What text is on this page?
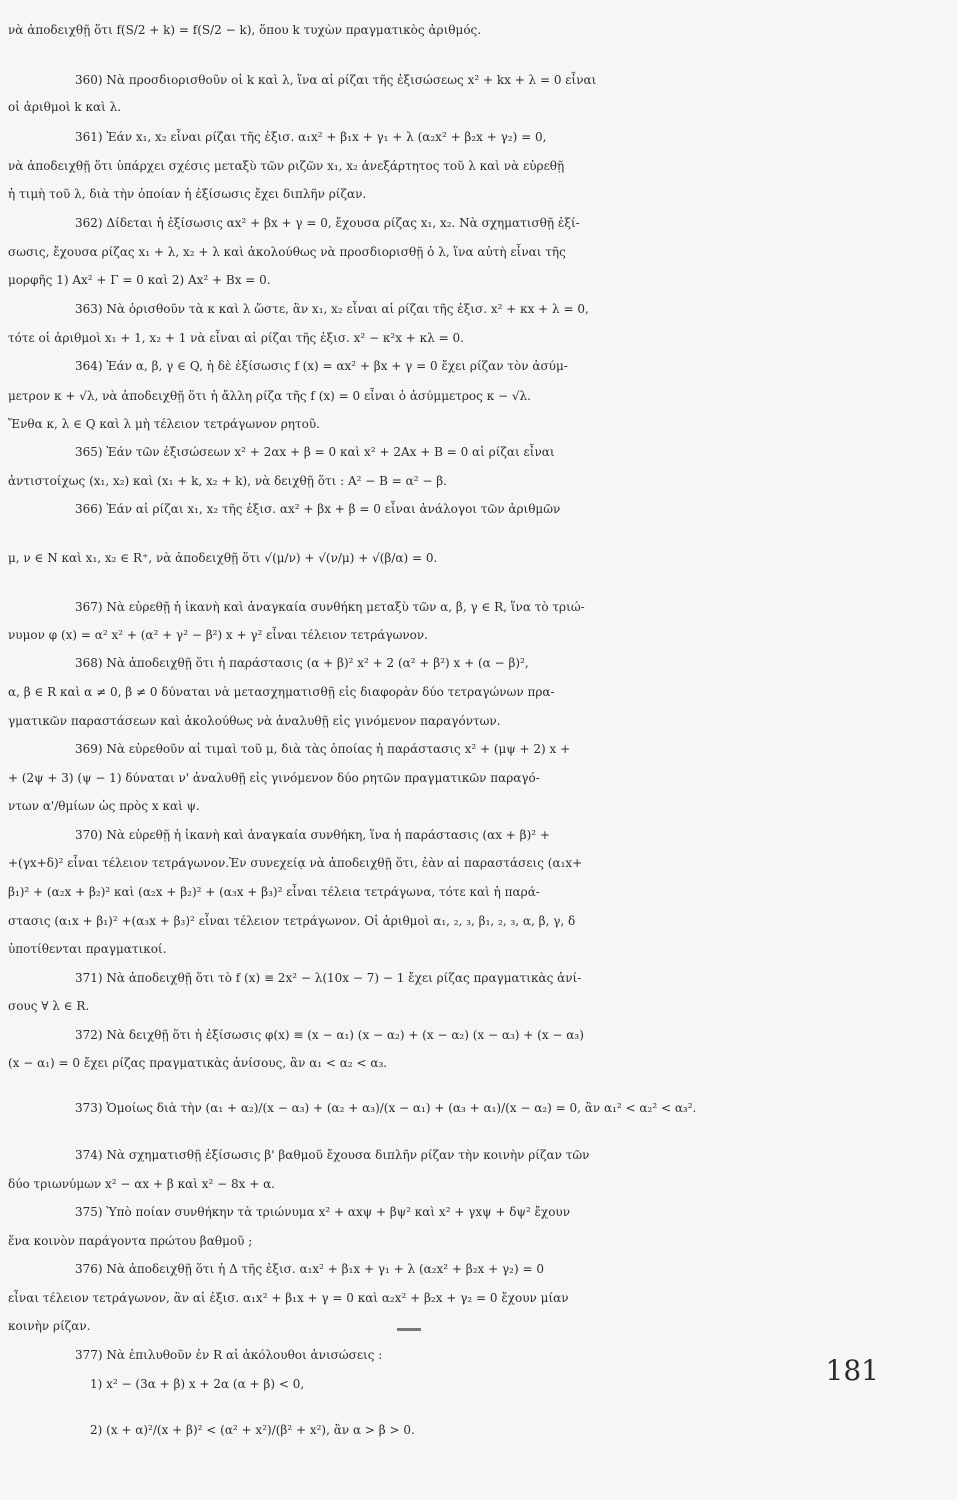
νὰ ἀποδειχθῇ ὅτι f(S/2 + k) = f(S/2 − k), ὅπου k τυχὼν πραγματικὸς ἀριθμός.
360) Νὰ προσδιορισθοῦν οἱ k καὶ λ, ἵνα αἱ ρίζαι τῆς ἐξισώσεως x² + kx + λ = 0 εἶναι
οἱ ἀριθμοὶ k καὶ λ.
361) Ἐάν x₁, x₂ εἶναι ρίζαι τῆς ἐξισ. α₁x² + β₁x + γ₁ + λ (α₂x² + β₂x + γ₂) = 0,
νὰ ἀποδειχθῇ ὅτι ὑπάρχει σχέσις μεταξὺ τῶν ριζῶν x₁, x₂ ἀνεξάρτητος τοῦ λ καὶ νὰ εὑρεθῇ
ἡ τιμὴ τοῦ λ, διὰ τὴν ὁποίαν ἡ ἐξίσωσις ἔχει διπλῆν ρίζαν.
362) Δίδεται ἡ ἐξίσωσις αx² + βx + γ = 0, ἔχουσα ρίζας x₁, x₂. Νὰ σχηματισθῇ ἐξί-
σωσις, ἔχουσα ρίζας x₁ + λ, x₂ + λ καὶ ἀκολούθως νὰ προσδιορισθῇ ὁ λ, ἵνα αὐτὴ εἶναι τῆς
μορφῆς 1) Ax² + Γ = 0 καὶ 2) Ax² + Bx = 0.
363) Νὰ ὁρισθοῦν τὰ κ καὶ λ ὥστε, ἂν x₁, x₂ εἶναι αἱ ρίζαι τῆς ἐξισ. x² + κx + λ = 0,
τότε οἱ ἀριθμοὶ x₁ + 1, x₂ + 1 νὰ εἶναι αἱ ρίζαι τῆς ἐξισ. x² − κ²x + κλ = 0.
364) Ἐάν α, β, γ ∈ Q, ἡ δὲ ἐξίσωσις f (x) = αx² + βx + γ = 0 ἔχει ρίζαν τὸν ἀσύμ-
μετρον κ + √λ, νὰ ἀποδειχθῇ ὅτι ἡ ἄλλη ρίζα τῆς f (x) = 0 εἶναι ὁ ἀσύμμετρος κ − √λ.
Ἔνθα κ, λ ∈ Q καὶ λ μὴ τέλειον τετράγωνον ρητοῦ.
365) Ἐάν τῶν ἐξισώσεων x² + 2αx + β = 0 καὶ x² + 2Ax + B = 0 αἱ ρίζαι εἶναι
ἀντιστοίχως (x₁, x₂) καὶ (x₁ + k, x₂ + k), νὰ δειχθῇ ὅτι : A² − B = α² − β.
366) Ἐάν αἱ ρίζαι x₁, x₂ τῆς ἐξισ. αx² + βx + β = 0 εἶναι ἀνάλογοι τῶν ἀριθμῶν
μ, ν ∈ N καὶ x₁, x₂ ∈ R⁺, νὰ ἀποδειχθῇ ὅτι √(μ/ν) + √(ν/μ) + √(β/α) = 0.
367) Νὰ εὑρεθῇ ἡ ἱκανὴ καὶ ἀναγκαία συνθήκη μεταξὺ τῶν α, β, γ ∈ R, ἵνα τὸ τριώ-
νυμον φ (x) = α² x² + (α² + γ² − β²) x + γ² εἶναι τέλειον τετράγωνον.
368) Νὰ ἀποδειχθῇ ὅτι ἡ παράστασις (α + β)² x² + 2 (α² + β²) x + (α − β)²,
α, β ∈ R καὶ α ≠ 0, β ≠ 0 δύναται νὰ μετασχηματισθῇ εἰς διαφορὰν δύο τετραγώνων πρα-
γματικῶν παραστάσεων καὶ ἀκολούθως νὰ ἀναλυθῇ εἰς γινόμενον παραγόντων.
369) Νὰ εὑρεθοῦν αἱ τιμαὶ τοῦ μ, διὰ τὰς ὁποίας ἡ παράστασις x² + (μψ + 2) x +
+ (2ψ + 3) (ψ − 1) δύναται ν' ἀναλυθῇ εἰς γινόμενον δύο ρητῶν πραγματικῶν παραγό-
ντων α'/θμίων ὡς πρὸς x καὶ ψ.
370) Νὰ εὑρεθῇ ἡ ἱκανὴ καὶ ἀναγκαία συνθήκη, ἵνα ἡ παράστασις (αx + β)² +
+(γx+δ)² εἶναι τέλειον τετράγωνον.Ἐν συνεχείᾳ νὰ ἀποδειχθῇ ὅτι, ἐὰν αἱ παραστάσεις (α₁x+
β₁)² + (α₂x + β₂)² καὶ (α₂x + β₂)² + (α₃x + β₃)² εἶναι τέλεια τετράγωνα, τότε καὶ ἡ παρά-
στασις (α₁x + β₁)² +(α₃x + β₃)² εἶναι τέλειον τετράγωνον. Οἱ ἀριθμοὶ α₁, ₂, ₃, β₁, ₂, ₃, α, β, γ, δ
ὑποτίθενται πραγματικοί.
371) Νὰ ἀποδειχθῇ ὅτι τὸ f (x) ≡ 2x² − λ(10x − 7) − 1 ἔχει ρίζας πραγματικὰς ἀνί-
σους ∀ λ ∈ R.
372) Νὰ δειχθῇ ὅτι ἡ ἐξίσωσις φ(x) ≡ (x − α₁) (x − α₂) + (x − α₂) (x − α₃) + (x − α₃)
(x − α₁) = 0 ἔχει ρίζας πραγματικὰς ἀνίσους, ἂν α₁ < α₂ < α₃.
373) Ὁμοίως διὰ τὴν (α₁ + α₂)/(x − α₃) + (α₂ + α₃)/(x − α₁) + (α₃ + α₁)/(x − α₂) = 0, ἂν α₁² < α₂² < α₃².
374) Νὰ σχηματισθῇ ἐξίσωσις β' βαθμοῦ ἔχουσα διπλῆν ρίζαν τὴν κοινὴν ρίζαν τῶν
δύο τριωνύμων x² − αx + β καὶ x² − 8x + α.
375) Ὑπὸ ποίαν συνθήκην τὰ τριώνυμα x² + αxψ + βψ² καὶ x² + γxψ + δψ² ἔχουν
ἕνα κοινὸν παράγοντα πρώτου βαθμοῦ ;
376) Νὰ ἀποδειχθῇ ὅτι ἡ Δ τῆς ἐξισ. α₁x² + β₁x + γ₁ + λ (α₂x² + β₂x + γ₂) = 0
εἶναι τέλειον τετράγωνον, ἂν αἱ ἐξισ. α₁x² + β₁x + γ = 0 καὶ α₂x² + β₂x + γ₂ = 0 ἔχουν μίαν
κοινὴν ρίζαν.
377) Νὰ ἐπιλυθοῦν ἐν R αἱ ἀκόλουθοι ἀνισώσεις :
1) x² − (3α + β) x + 2α (α + β) < 0,
2) (x + α)²/(x + β)² < (α² + x²)/(β² + x²), ἂν α > β > 0.
181
